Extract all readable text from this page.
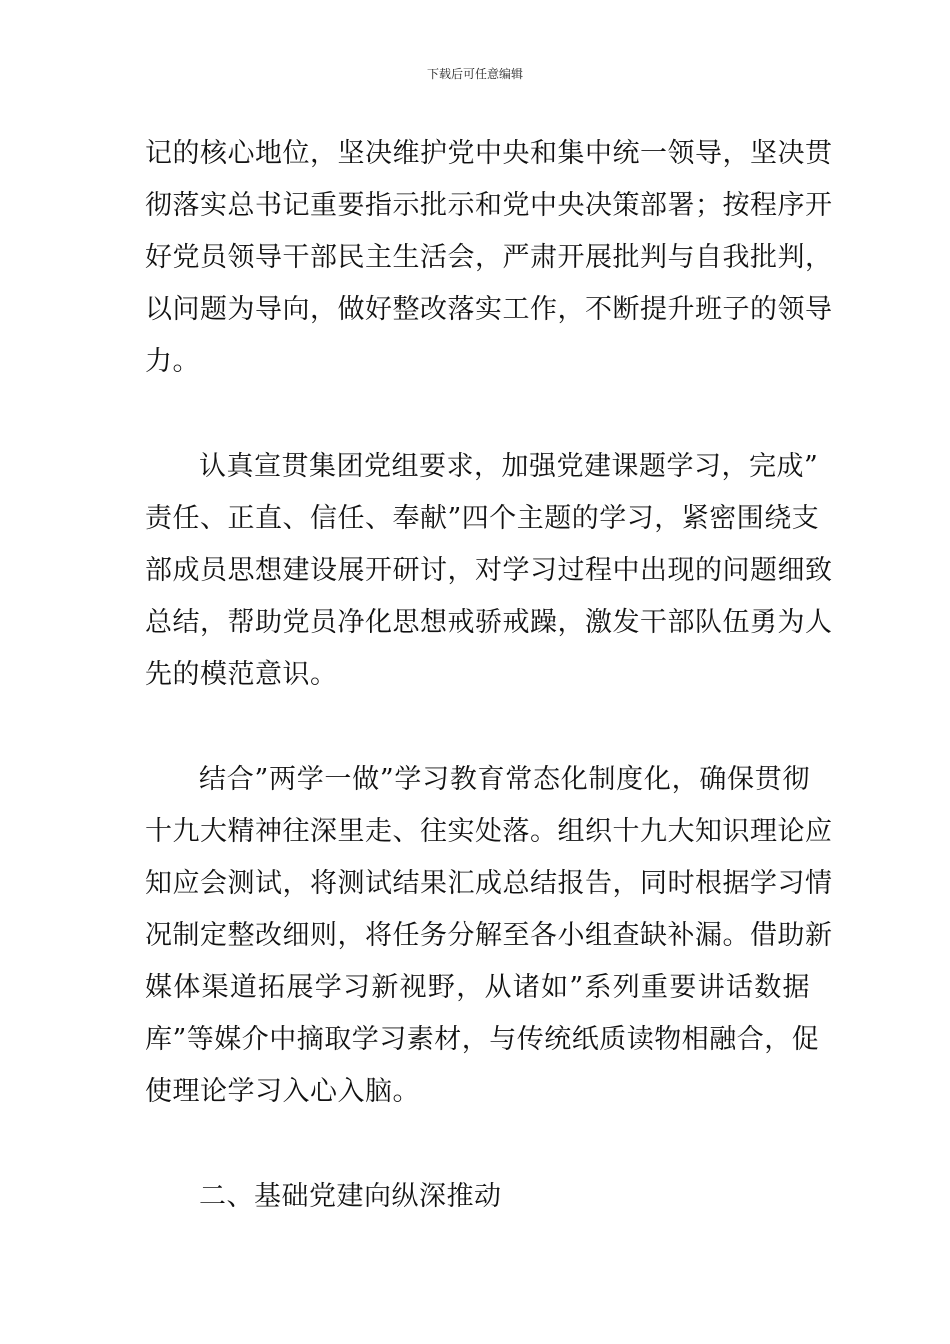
下载后可任意编辑
记的核心地位，坚决维护党中央和集中统一领导，坚决贯
彻落实总书记重要指示批示和党中央决策部署；按程序开
好党员领导干部民主生活会，严肃开展批判与自我批判，
以问题为导向，做好整改落实工作，不断提升班子的领导
力。
认真宣贯集团党组要求，加强党建课题学习，完成”
责任、正直、信任、奉献”四个主题的学习，紧密围绕支
部成员思想建设展开研讨，对学习过程中出现的问题细致
总结，帮助党员净化思想戒骄戒躁，激发干部队伍勇为人
先的模范意识。
结合”两学一做”学习教育常态化制度化，确保贯彻
十九大精神往深里走、往实处落。组织十九大知识理论应
知应会测试，将测试结果汇成总结报告，同时根据学习情
况制定整改细则，将任务分解至各小组查缺补漏。借助新
媒体渠道拓展学习新视野，从诸如”系列重要讲话数据
库”等媒介中摘取学习素材，与传统纸质读物相融合，促
使理论学习入心入脑。
二、基础党建向纵深推动
